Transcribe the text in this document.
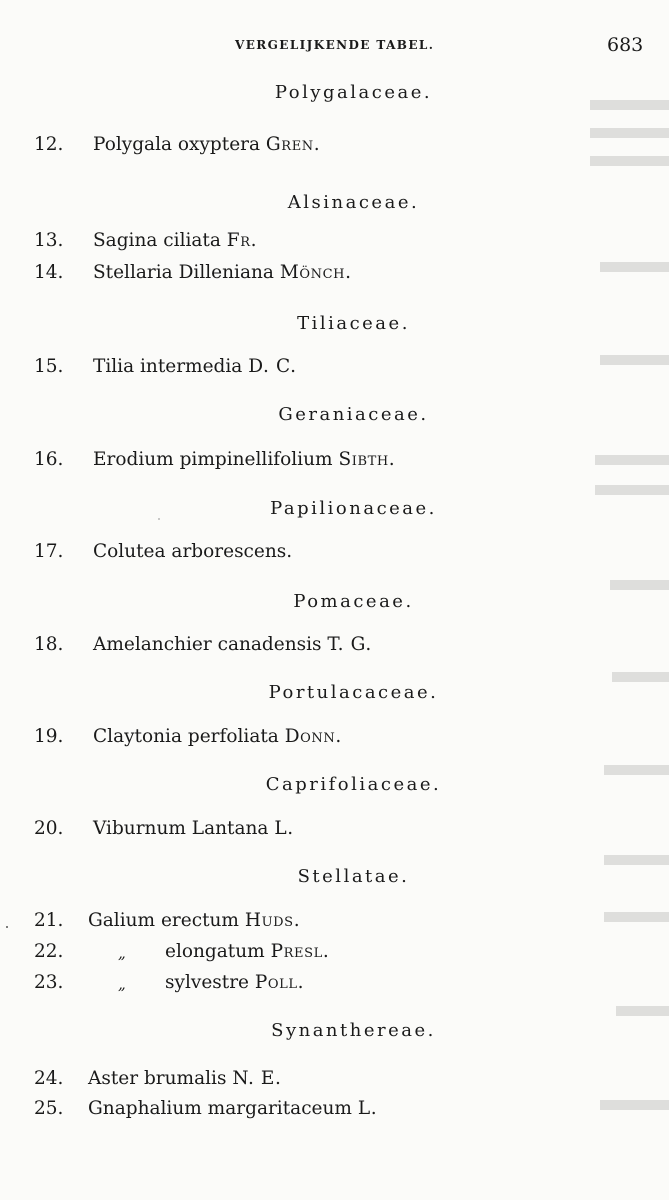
VERGELIJKENDE TABEL.	683
Polygalaceae.
12. Polygala oxyptera Gren.
Alsinaceae.
13. Sagina ciliata Fr.
14. Stellaria Dilleniana Mönch.
Tiliaceae.
15. Tilia intermedia D. C.
Geraniaceae.
16. Erodium pimpinellifolium Sibth.
Papilionaceae.
17. Colutea arborescens.
Pomaceae.
18. Amelanchier canadensis T. G.
Portulacaceae.
19. Claytonia perfoliata Donn.
Caprifoliaceae.
20. Viburnum Lantana L.
Stellatae.
21. Galium erectum Huds.
22.	„ elongatum Presl.
23.	„ sylvestre Poll.
Synanthereae.
24. Aster brumalis N. E.
25. Gnaphalium margaritaceum L.
